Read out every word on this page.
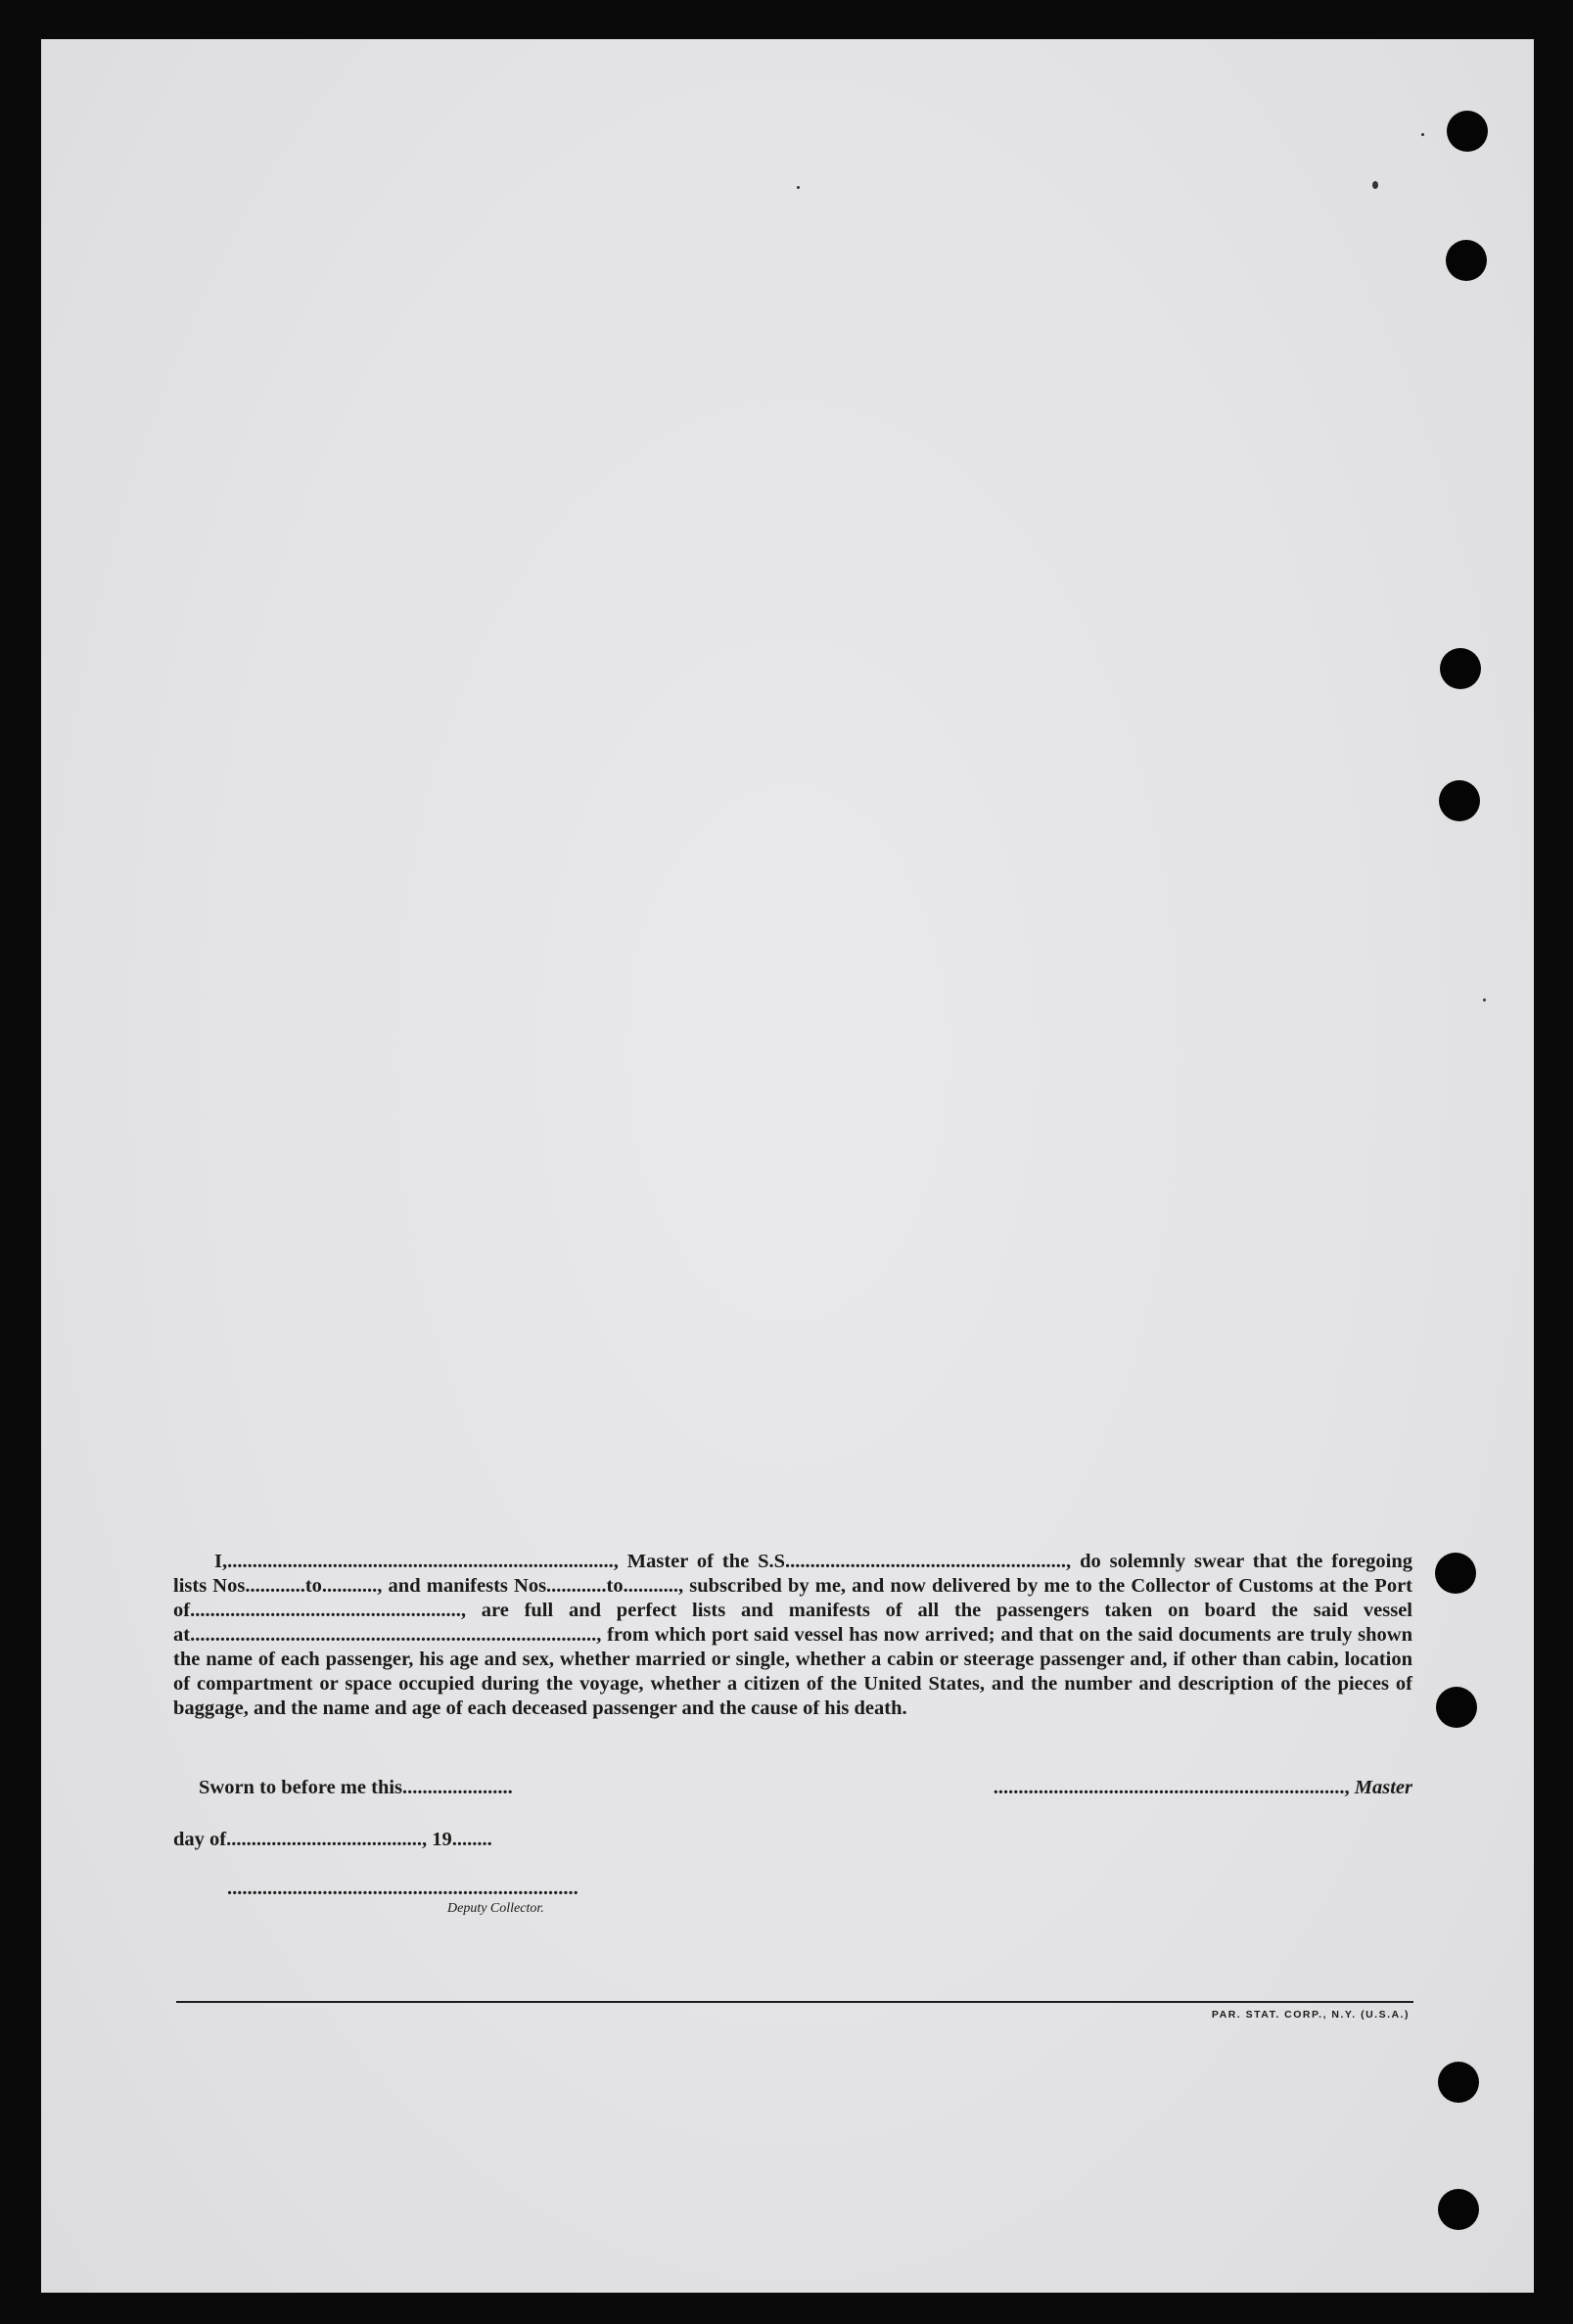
I,............................................................................., Master of the S.S........................................................, do solemnly swear that the foregoing lists Nos............to..........., and manifests Nos............to..........., subscribed by me, and now delivered by me to the Collector of Customs at the Port of......................................................, are full and perfect lists and manifests of all the passengers taken on board the said vessel at................................................................................., from which port said vessel has now arrived; and that on the said documents are truly shown the name of each passenger, his age and sex, whether married or single, whether a cabin or steerage passenger and, if other than cabin, location of compartment or space occupied during the voyage, whether a citizen of the United States, and the number and description of the pieces of baggage, and the name and age of each deceased passenger and the cause of his death.

Sworn to before me this......................	......................................................................, Master
day of......................................., 19........
......................................................................
Deputy Collector.
PAR. STAT. CORP., N.Y. (U.S.A.)
